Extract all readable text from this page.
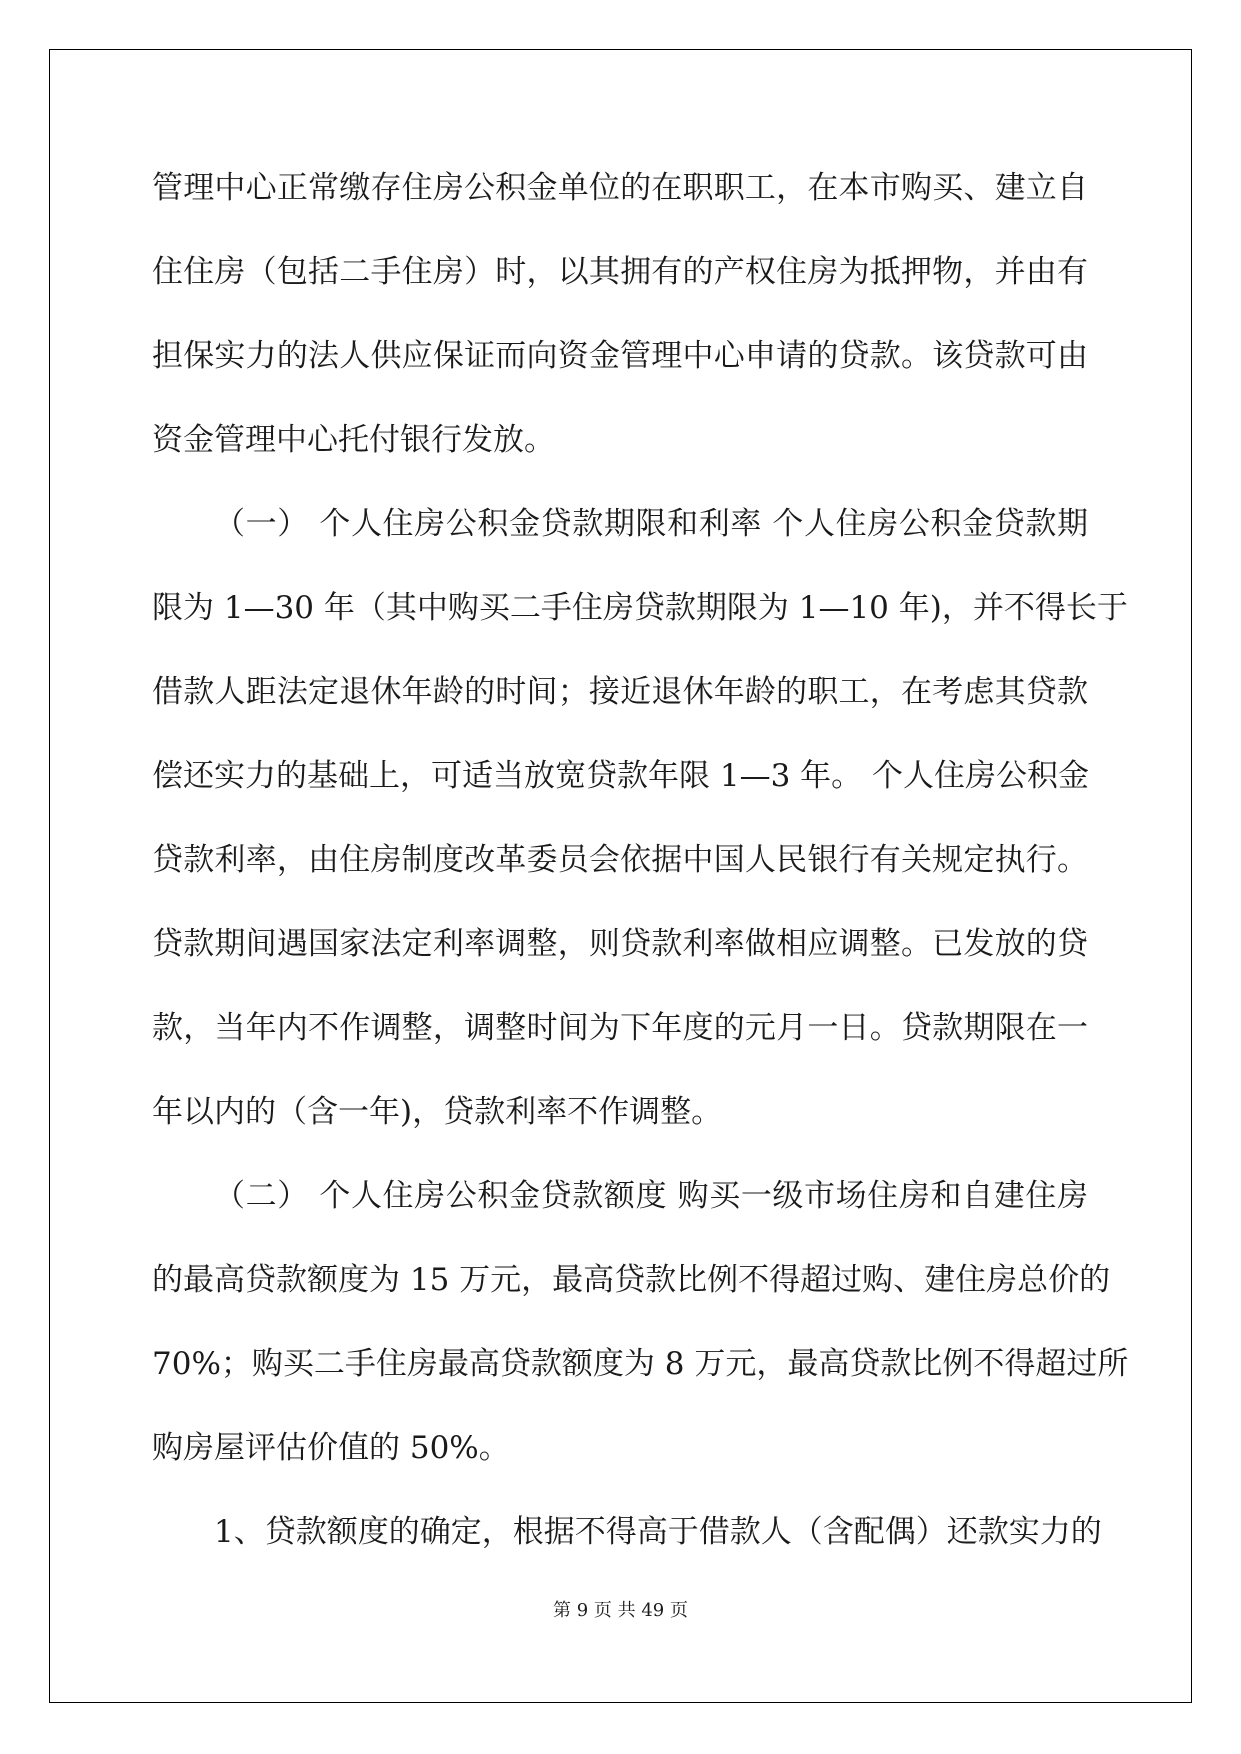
管理中心正常缴存住房公积金单位的在职职工，在本市购买、建立自
住住房（包括二手住房）时，以其拥有的产权住房为抵押物，并由有
担保实力的法人供应保证而向资金管理中心申请的贷款。该贷款可由
资金管理中心托付银行发放。
（一） 个人住房公积金贷款期限和利率 个人住房公积金贷款期
限为 1—30 年（其中购买二手住房贷款期限为 1—10 年)，并不得长于
借款人距法定退休年龄的时间；接近退休年龄的职工，在考虑其贷款
偿还实力的基础上，可适当放宽贷款年限 1—3 年。 个人住房公积金
贷款利率，由住房制度改革委员会依据中国人民银行有关规定执行。
贷款期间遇国家法定利率调整，则贷款利率做相应调整。已发放的贷
款，当年内不作调整，调整时间为下年度的元月一日。贷款期限在一
年以内的（含一年)，贷款利率不作调整。
（二） 个人住房公积金贷款额度 购买一级市场住房和自建住房
的最高贷款额度为 15 万元，最高贷款比例不得超过购、建住房总价的
70%；购买二手住房最高贷款额度为 8 万元，最高贷款比例不得超过所
购房屋评估价值的 50%。
1、贷款额度的确定，根据不得高于借款人（含配偶）还款实力的
第 9 页 共 49 页
